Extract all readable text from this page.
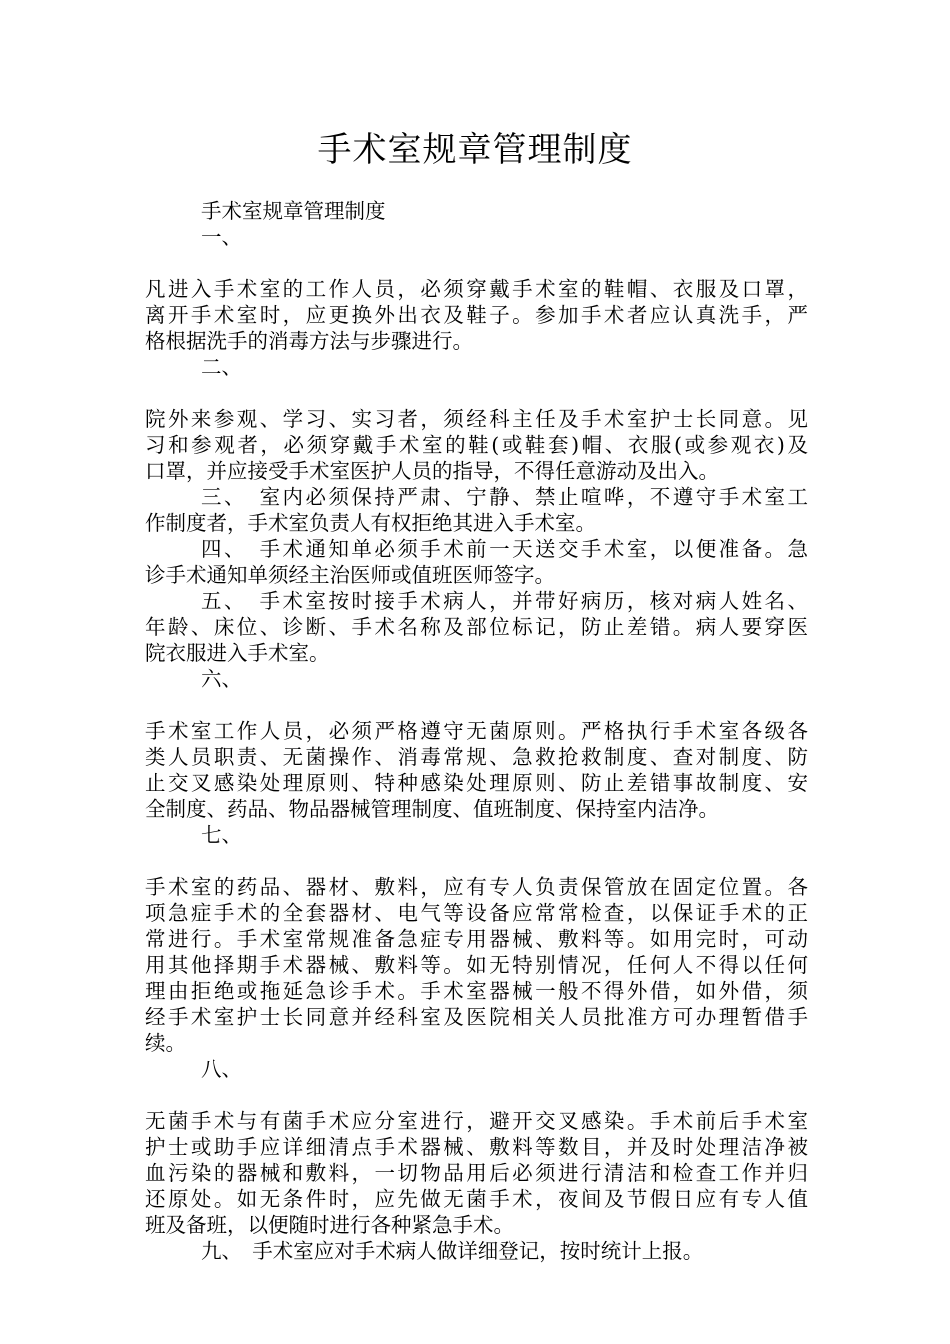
手术室规章管理制度
手术室规章管理制度
一、
凡进入手术室的工作人员，必须穿戴手术室的鞋帽、衣服及口罩，
离开手术室时，应更换外出衣及鞋子。参加手术者应认真洗手，严
格根据洗手的消毒方法与步骤进行。
二、
院外来参观、学习、实习者，须经科主任及手术室护士长同意。见
习和参观者，必须穿戴手术室的鞋(或鞋套)帽、衣服(或参观衣)及
口罩，并应接受手术室医护人员的指导，不得任意游动及出入。
三、　室内必须保持严肃、宁静、禁止喧哗，不遵守手术室工
作制度者，手术室负责人有权拒绝其进入手术室。
四、　手术通知单必须手术前一天送交手术室，以便准备。急
诊手术通知单须经主治医师或值班医师签字。
五、　手术室按时接手术病人，并带好病历，核对病人姓名、
年龄、床位、诊断、手术名称及部位标记，防止差错。病人要穿医
院衣服进入手术室。
六、
手术室工作人员，必须严格遵守无菌原则。严格执行手术室各级各
类人员职责、无菌操作、消毒常规、急救抢救制度、查对制度、防
止交叉感染处理原则、特种感染处理原则、防止差错事故制度、安
全制度、药品、物品器械管理制度、值班制度、保持室内洁净。
七、
手术室的药品、器材、敷料，应有专人负责保管放在固定位置。各
项急症手术的全套器材、电气等设备应常常检查，以保证手术的正
常进行。手术室常规准备急症专用器械、敷料等。如用完时，可动
用其他择期手术器械、敷料等。如无特别情况，任何人不得以任何
理由拒绝或拖延急诊手术。手术室器械一般不得外借，如外借，须
经手术室护士长同意并经科室及医院相关人员批准方可办理暂借手
续。
八、
无菌手术与有菌手术应分室进行，避开交叉感染。手术前后手术室
护士或助手应详细清点手术器械、敷料等数目，并及时处理洁净被
血污染的器械和敷料，一切物品用后必须进行清洁和检查工作并归
还原处。如无条件时，应先做无菌手术，夜间及节假日应有专人值
班及备班，以便随时进行各种紧急手术。
九、　手术室应对手术病人做详细登记，按时统计上报。
